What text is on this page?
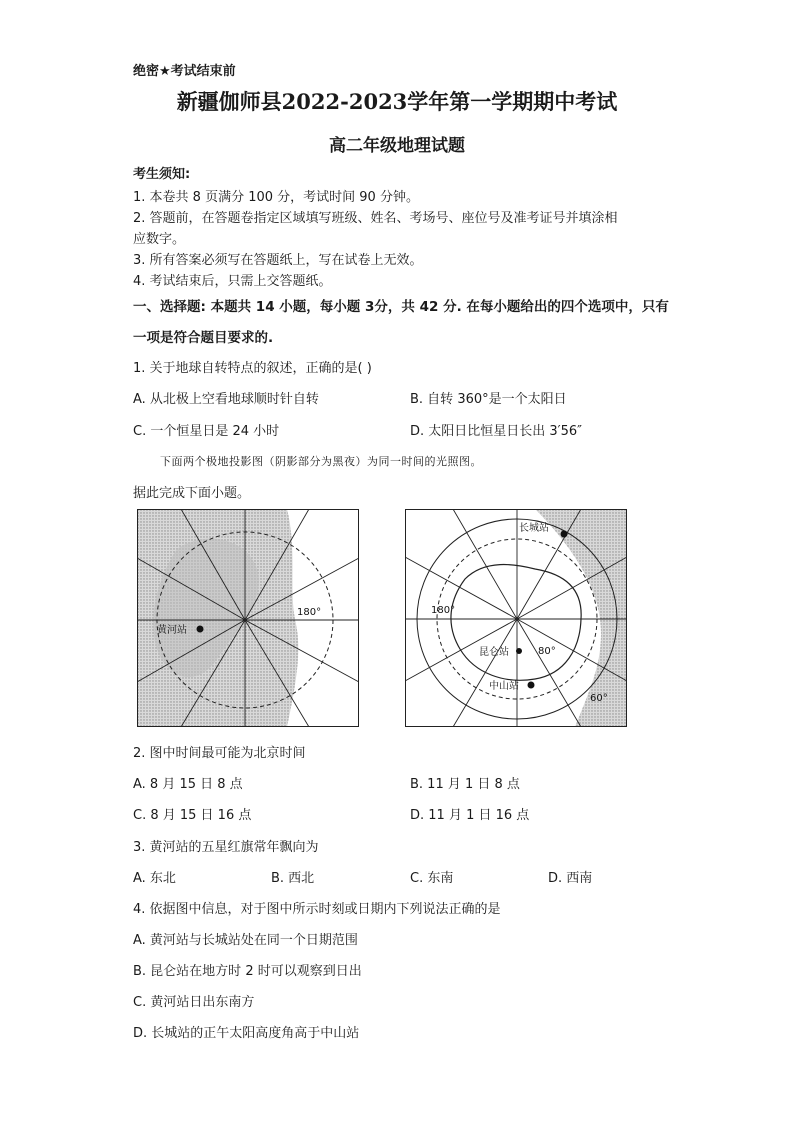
绝密★考试结束前
新疆伽师县2022-2023学年第一学期期中考试
高二年级地理试题
考生须知:
1. 本卷共 8 页满分 100 分，考试时间 90 分钟。
2. 答题前，在答题卷指定区域填写班级、姓名、考场号、座位号及准考证号并填涂相
应数字。
3. 所有答案必须写在答题纸上，写在试卷上无效。
4. 考试结束后，只需上交答题纸。
一、选择题: 本题共 14 小题，每小题 3分，共 42 分. 在每小题给出的四个选项中，只有
一项是符合题目要求的.
1. 关于地球自转特点的叙述，正确的是( )
A. 从北极上空看地球顺时针自转	B. 自转 360°是一个太阳日
C. 一个恒星日是 24 小时	D. 太阳日比恒星日长出 3′56″
下面两个极地投影图（阴影部分为黑夜）为同一时间的光照图。
据此完成下面小题。
180°
黄河站
180°
长城站
昆仑站	80°
中山站
60°
2. 图中时间最可能为北京时间
A. 8 月 15 日 8 点	B. 11 月 1 日 8 点
C. 8 月 15 日 16 点	D. 11 月 1 日 16 点
3. 黄河站的五星红旗常年飘向为
A. 东北	B. 西北	C. 东南	D. 西南
4. 依据图中信息，对于图中所示时刻或日期内下列说法正确的是
A. 黄河站与长城站处在同一个日期范围
B. 昆仑站在地方时 2 时可以观察到日出
C. 黄河站日出东南方
D. 长城站的正午太阳高度角高于中山站
